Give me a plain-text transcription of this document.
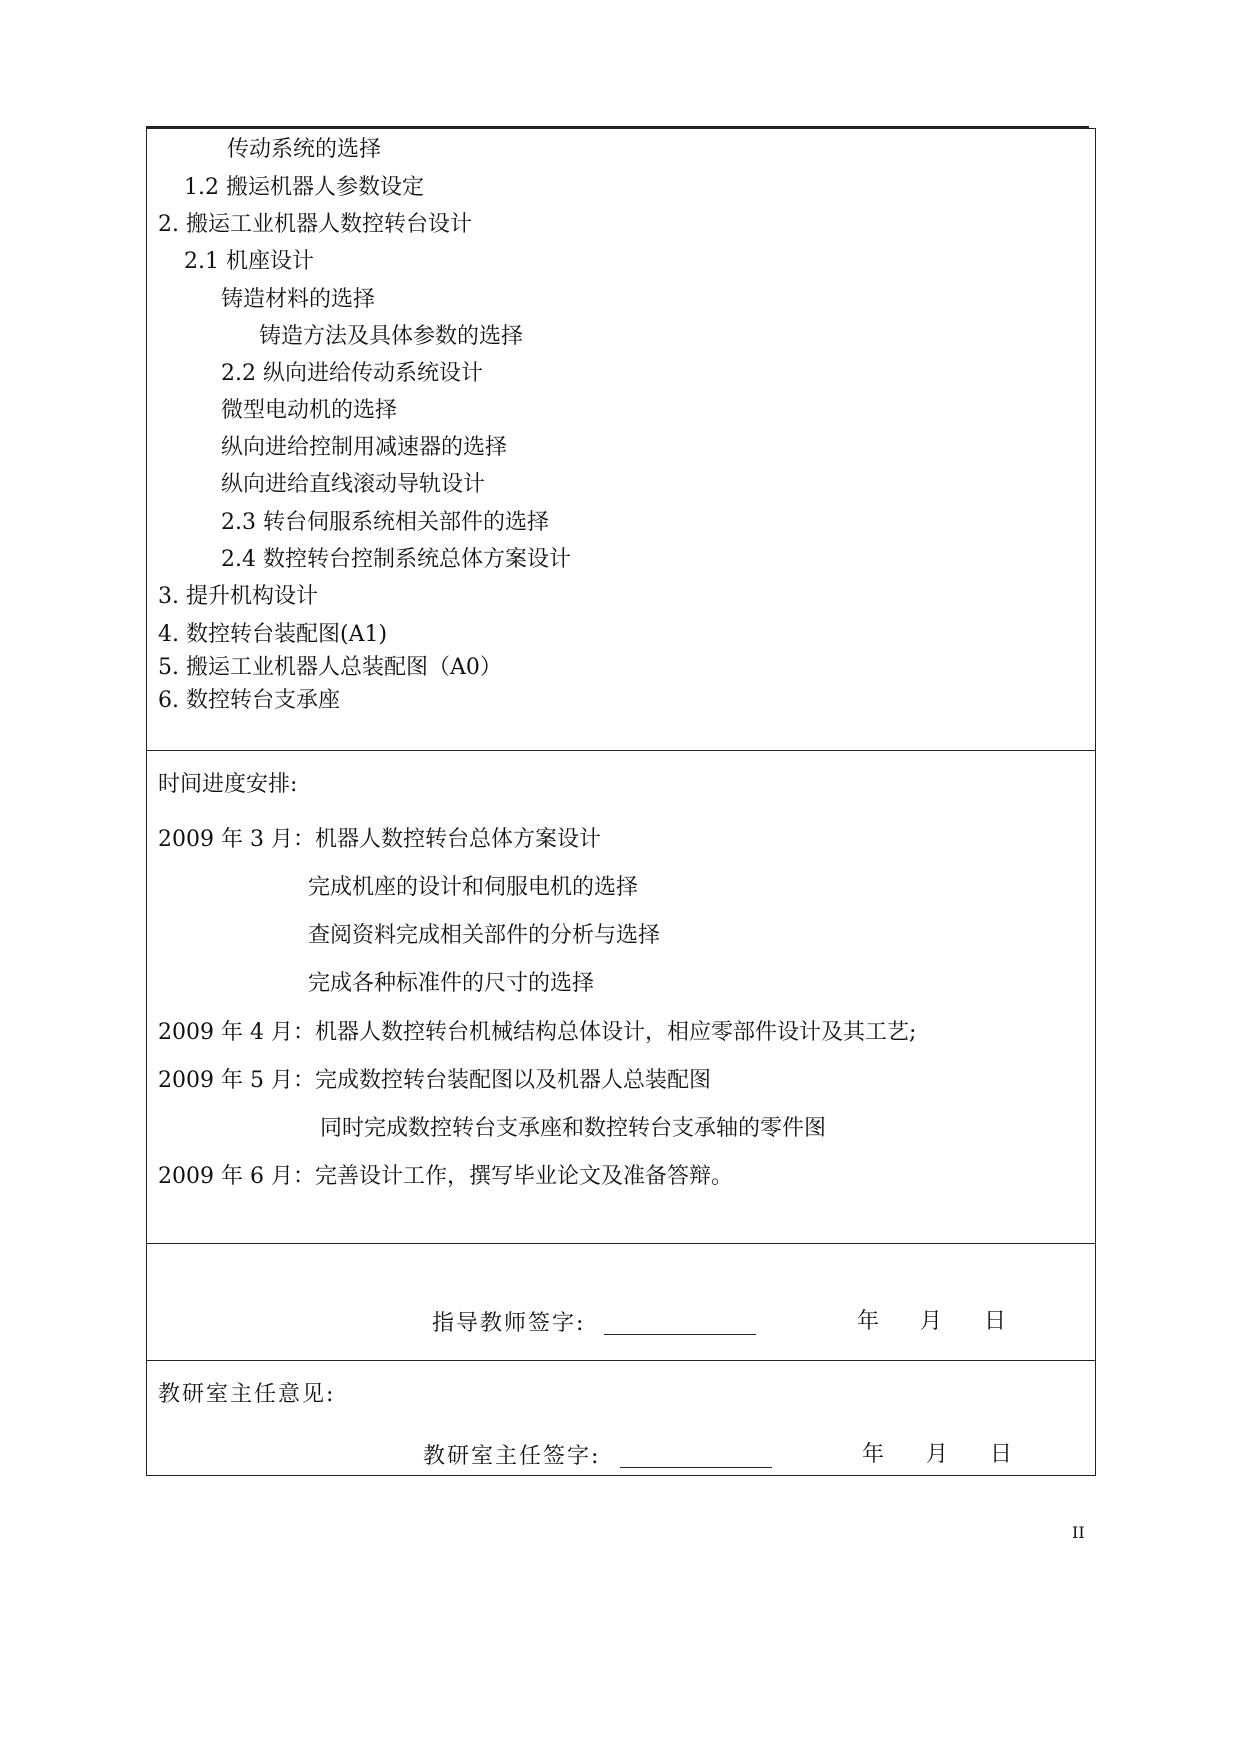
传动系统的选择
1.2 搬运机器人参数设定
2. 搬运工业机器人数控转台设计
2.1 机座设计
铸造材料的选择
铸造方法及具体参数的选择
2.2 纵向进给传动系统设计
微型电动机的选择
纵向进给控制用减速器的选择
纵向进给直线滚动导轨设计
2.3 转台伺服系统相关部件的选择
2.4 数控转台控制系统总体方案设计
3. 提升机构设计
4. 数控转台装配图(A1)
5. 搬运工业机器人总装配图（A0）
6. 数控转台支承座
时间进度安排:
2009 年 3 月：机器人数控转台总体方案设计
完成机座的设计和伺服电机的选择
查阅资料完成相关部件的分析与选择
完成各种标准件的尺寸的选择
2009 年 4 月：机器人数控转台机械结构总体设计，相应零部件设计及其工艺;
2009 年 5 月：完成数控转台装配图以及机器人总装配图
同时完成数控转台支承座和数控转台支承轴的零件图
2009 年 6 月：完善设计工作，撰写毕业论文及准备答辩。
指导教师签字:	年 月 日
教研室主任意见:
教研室主任签字:	年 月 日
II
